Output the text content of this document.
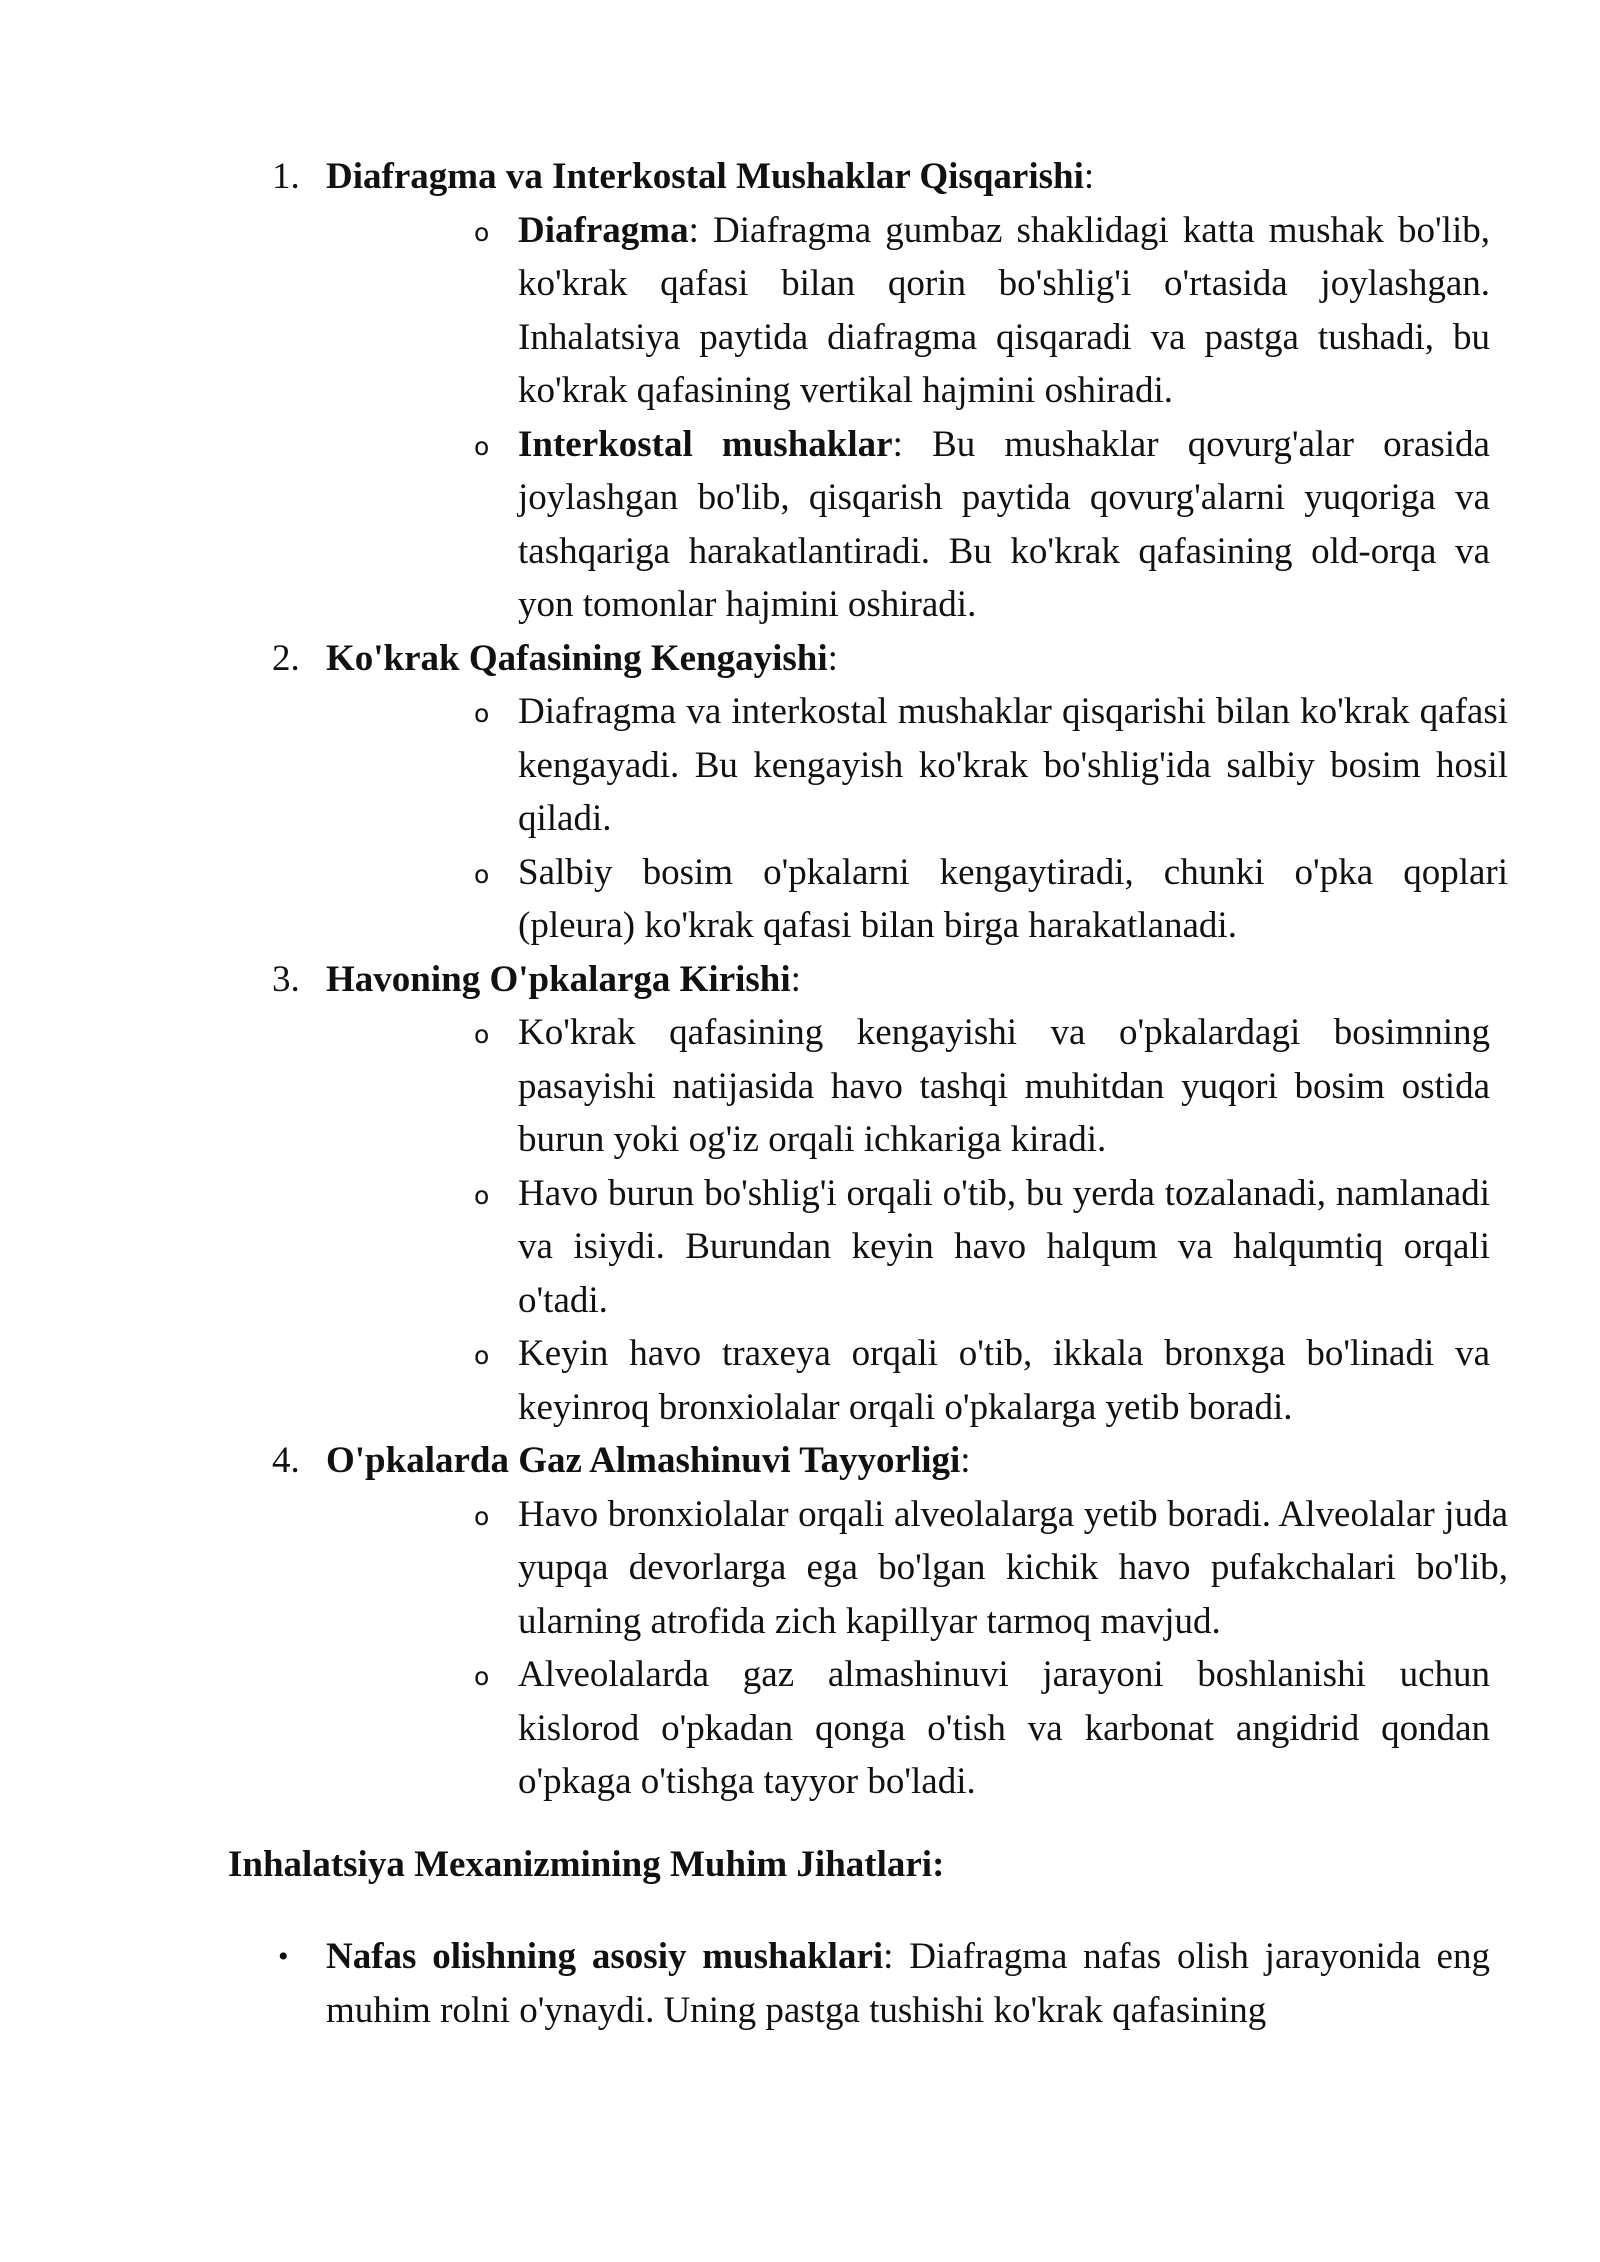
1. Diafragma va Interkostal Mushaklar Qisqarishi:
o Diafragma: Diafragma gumbaz shaklidagi katta mushak bo'lib, ko'krak qafasi bilan qorin bo'shlig'i o'rtasida joylashgan. Inhalatsiya paytida diafragma qisqaradi va pastga tushadi, bu ko'krak qafasining vertikal hajmini oshiradi.
o Interkostal mushaklar: Bu mushaklar qovurg'alar orasida joylashgan bo'lib, qisqarish paytida qovurg'alarni yuqoriga va tashqariga harakatlantiradi. Bu ko'krak qafasining old-orqa va yon tomonlar hajmini oshiradi.
2. Ko'krak Qafasining Kengayishi:
o Diafragma va interkostal mushaklar qisqarishi bilan ko'krak qafasi kengayadi. Bu kengayish ko'krak bo'shlig'ida salbiy bosim hosil qiladi.
o Salbiy bosim o'pkalarni kengaytiradi, chunki o'pka qoplari (pleura) ko'krak qafasi bilan birga harakatlanadi.
3. Havoning O'pkalarga Kirishi:
o Ko'krak qafasining kengayishi va o'pkalardagi bosimning pasayishi natijasida havo tashqi muhitdan yuqori bosim ostida burun yoki og'iz orqali ichkariga kiradi.
o Havo burun bo'shlig'i orqali o'tib, bu yerda tozalanadi, namlanadi va isiydi. Burundan keyin havo halqum va halqumtiq orqali o'tadi.
o Keyin havo traxeya orqali o'tib, ikkala bronxga bo'linadi va keyinroq bronxiolalar orqali o'pkalarga yetib boradi.
4. O'pkalarda Gaz Almashinuvi Tayyorligi:
o Havo bronxiolalar orqali alveolalarga yetib boradi. Alveolalar juda yupqa devorlarga ega bo'lgan kichik havo pufakchalari bo'lib, ularning atrofida zich kapillyar tarmoq mavjud.
o Alveolalarda gaz almashinuvi jarayoni boshlanishi uchun kislorod o'pkadan qonga o'tish va karbonat angidrid qondan o'pkaga o'tishga tayyor bo'ladi.
Inhalatsiya Mexanizmining Muhim Jihatlari:
• Nafas olishning asosiy mushaklari: Diafragma nafas olish jarayonida eng muhim rolni o'ynaydi. Uning pastga tushishi ko'krak qafasining
